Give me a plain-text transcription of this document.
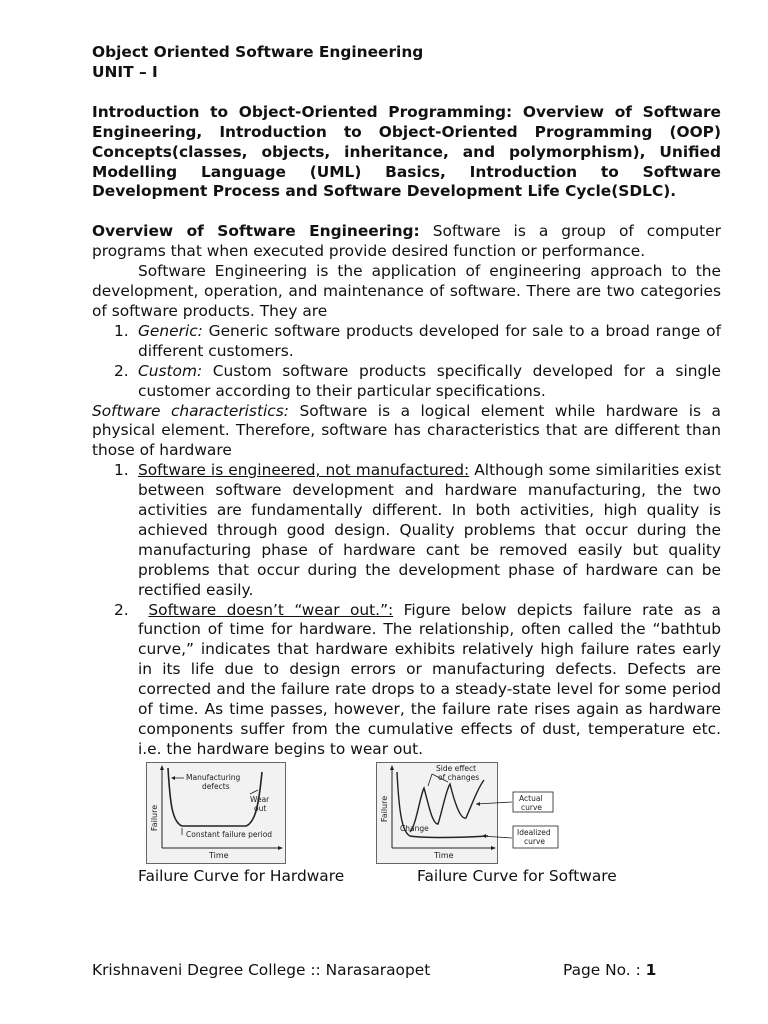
Object Oriented Software Engineering

UNIT – I

Introduction to Object-Oriented Programming: Overview of Software Engineering, Introduction to Object-Oriented Programming (OOP) Concepts(classes, objects, inheritance, and polymorphism), Unified Modelling Language (UML) Basics, Introduction to Software Development Process and Software Development Life Cycle(SDLC).

Overview of Software Engineering: Software is a group of computer programs that when executed provide desired function or performance.

Software Engineering is the application of engineering approach to the development, operation, and maintenance of software. There are two categories of software products. They are

1. Generic: Generic software products developed for sale to a broad range of different customers.
2. Custom: Custom software products specifically developed for a single customer according to their particular specifications.

Software characteristics: Software is a logical element while hardware is a physical element. Therefore, software has characteristics that are different than those of hardware

1. Software is engineered, not manufactured: Although some similarities exist between software development and hardware manufacturing, the two activities are fundamentally different. In both activities, high quality is achieved through good design. Quality problems that occur during the manufacturing phase of hardware cant be removed easily but quality problems that occur during the development phase of hardware can be rectified easily.
2. Software doesn’t “wear out.”: Figure below depicts failure rate as a function of time for hardware. The relationship, often called the “bathtub curve,” indicates that hardware exhibits relatively high failure rates early in its life due to design errors or manufacturing defects. Defects are corrected and the failure rate drops to a steady-state level for some period of time. As time passes, however, the failure rate rises again as hardware components suffer from the cumulative effects of dust, temperature etc. i.e. the hardware begins to wear out.
Failure
Time
Manufacturing
defects
Wear
out
Constant failure period
Failure
Time
Side effect
of changes
Change
Actual
curve
Idealized
curve
Failure Curve for Hardware	Failure Curve for Software
Krishnaveni Degree College :: Narasaraopet	Page No. : 1
